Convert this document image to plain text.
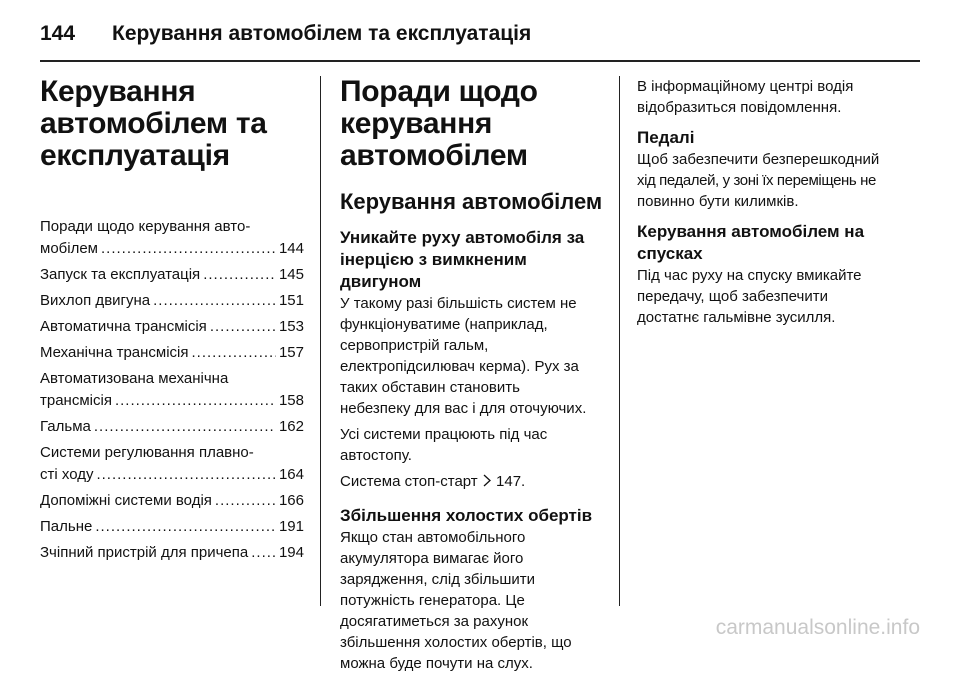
144 Керування автомобілем та експлуатація
Керування
автомобілем та
експлуатація
Поради щодо керування авто-
мобілем .....	144
Запуск та експлуатація .....	145
Вихлоп двигуна .....	151
Автоматична трансмісія .....	153
Механічна трансмісія .....	157
Автоматизована механічна
трансмісія .....	158
Гальма .....	162
Системи регулювання плавно-
сті ходу .....	164
Допоміжні системи водія .....	166
Пальне .....	191
Зчіпний пристрій для причепа ..... 194
Поради щодо
керування
автомобілем
Керування автомобілем
Уникайте руху автомобіля за
інерцією з вимкненим
двигуном
У такому разі більшість систем не
функціонуватиме (наприклад,
сервопристрій гальм,
електропідсилювач керма). Рух за
таких обставин становить
небезпеку для вас і для оточуючих.
Усі системи працюють під час
автостопу.
Система стоп-старт 147.
Збільшення холостих обертів
Якщо стан автомобільного
акумулятора вимагає його
зарядження, слід збільшити
потужність генератора. Це
досягатиметься за рахунок
збільшення холостих обертів, що
можна буде почути на слух.
В інформаційному центрі водія
відобразиться повідомлення.
Педалі
Щоб забезпечити безперешкодний
хід педалей, у зоні їх переміщень не
повинно бути килимків.
Керування автомобілем на
спусках
Під час руху на спуску вмикайте
передачу, щоб забезпечити
достатнє гальмівне зусилля.
carmanualsonline.info
